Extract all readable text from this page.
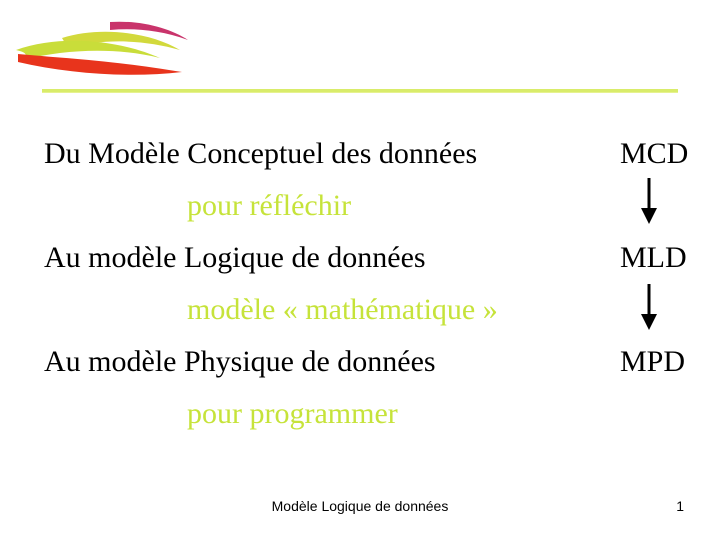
Du Modèle Conceptuel des données	MCD
pour réfléchir
Au modèle Logique de données	MLD
modèle « mathématique »
Au modèle Physique de données	MPD
pour programmer
Modèle Logique de données	1
